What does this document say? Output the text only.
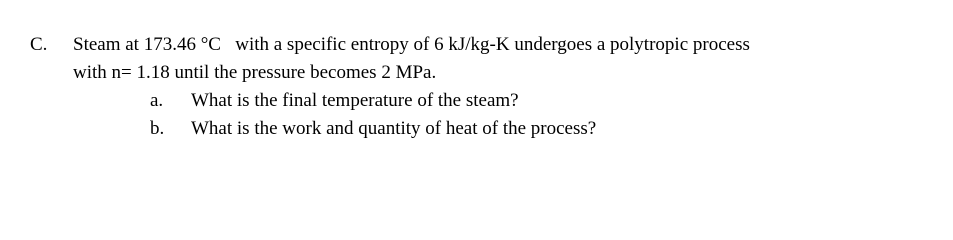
C. Steam at 173.46 °C   with a specific entropy of 6 kJ/kg-K undergoes a polytropic process
with n= 1.18 until the pressure becomes 2 MPa.
a. What is the final temperature of the steam?
b. What is the work and quantity of heat of the process?
